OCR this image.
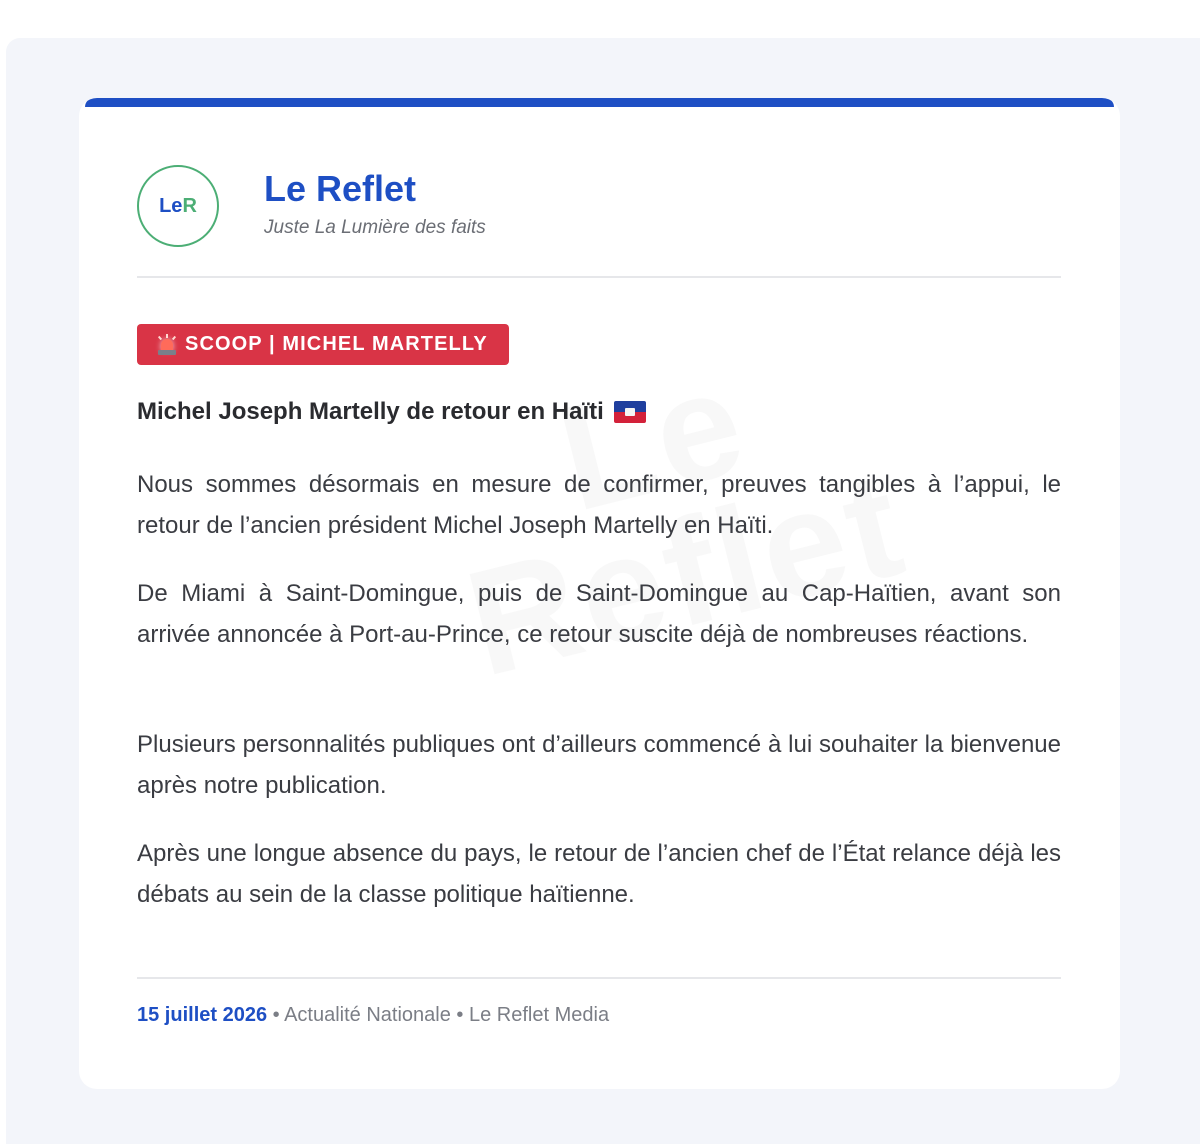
Le R Le Reflet
Juste La Lumière des faits
SCOOP | MICHEL MARTELLY
Michel Joseph Martelly de retour en Haïti

Nous sommes désormais en mesure de confirmer, preuves tangibles à l’appui, le retour de l’ancien président Michel Joseph Martelly en Haïti.

De Miami à Saint-Domingue, puis de Saint-Domingue au Cap-Haïtien, avant son arrivée annoncée à Port-au-Prince, ce retour suscite déjà de nombreuses réactions.

Plusieurs personnalités publiques ont d’ailleurs commencé à lui souhaiter la bienvenue après notre publication.

Après une longue absence du pays, le retour de l’ancien chef de l’État relance déjà les débats au sein de la classe politique haïtienne.

15 juillet 2026 • Actualité Nationale • Le Reflet Media
